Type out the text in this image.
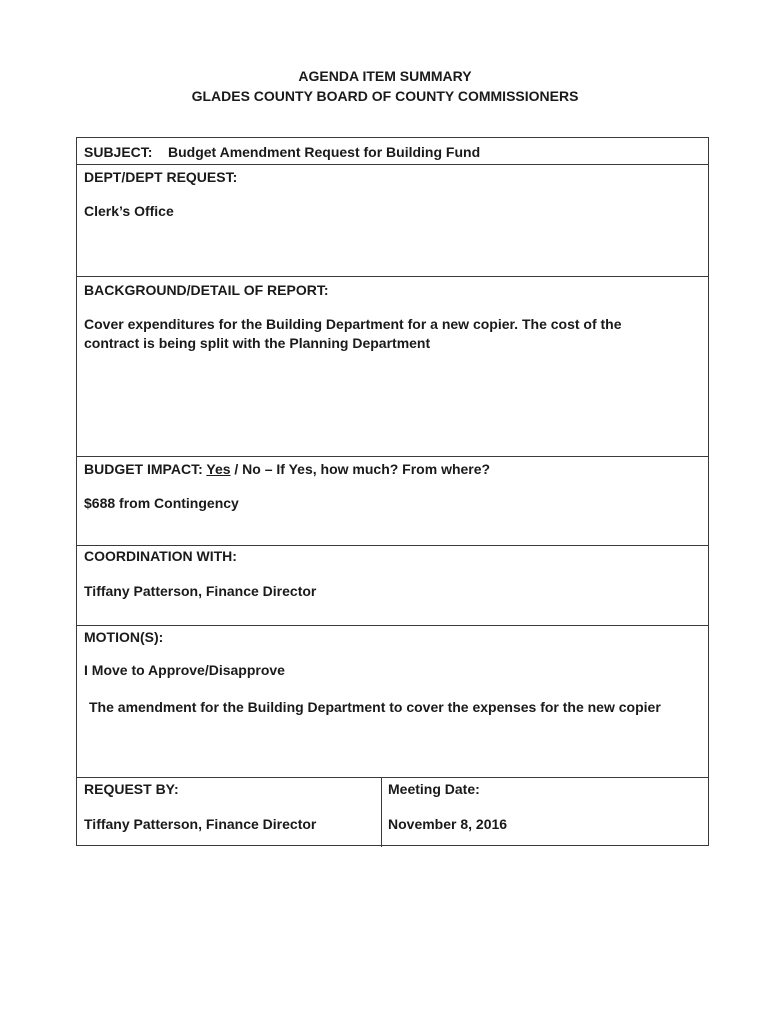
AGENDA ITEM SUMMARY
GLADES COUNTY BOARD OF COUNTY COMMISSIONERS
SUBJECT: Budget Amendment Request for Building Fund
DEPT/DEPT REQUEST:
Clerk’s Office
BACKGROUND/DETAIL OF REPORT:
Cover expenditures for the Building Department for a new copier. The cost of the contract is being split with the Planning Department
BUDGET IMPACT: Yes / No – If Yes, how much? From where?
$688 from Contingency
COORDINATION WITH:
Tiffany Patterson, Finance Director
MOTION(S):
I Move to Approve/Disapprove
The amendment for the Building Department to cover the expenses for the new copier
REQUEST BY:
Tiffany Patterson, Finance Director
Meeting Date:
November 8, 2016
